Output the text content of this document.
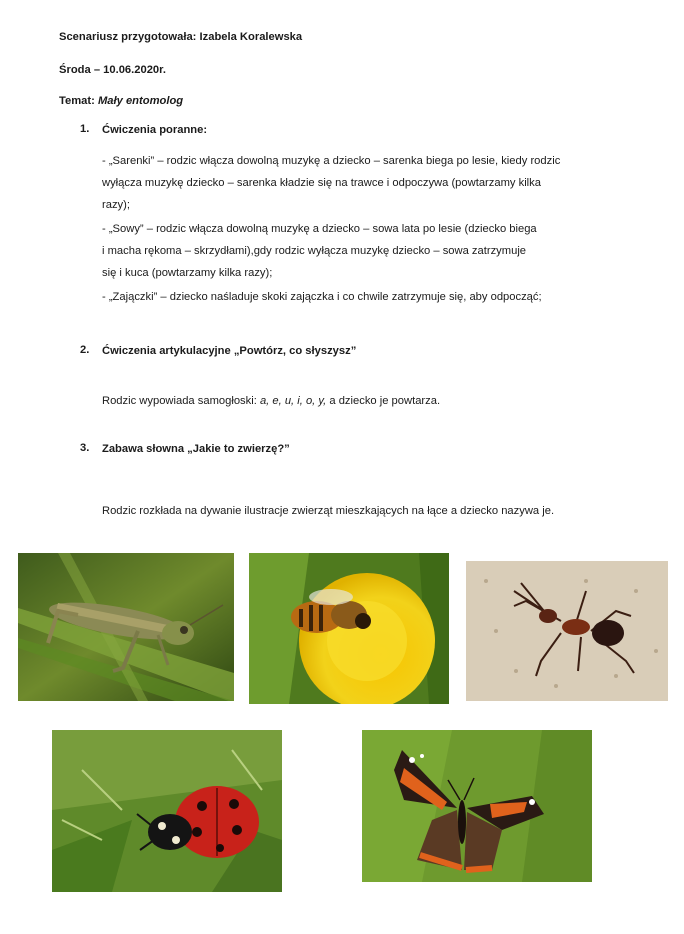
Scenariusz przygotowała: Izabela Koralewska
Środa – 10.06.2020r.
Temat: Mały entomolog
1. Ćwiczenia poranne:
- „Sarenki” – rodzic włącza dowolną muzykę a dziecko – sarenka biega po lesie, kiedy rodzic
wyłącza muzykę dziecko – sarenka kładzie się na trawce i odpoczywa (powtarzamy kilka
razy);
- „Sowy” – rodzic włącza dowolną muzykę a dziecko – sowa lata po lesie (dziecko biega
i macha rękoma – skrzydłami),gdy rodzic wyłącza muzykę dziecko – sowa zatrzymuje
się i kuca (powtarzamy kilka razy);
- „Zajączki” – dziecko naśladuje skoki zajączka i co chwile zatrzymuje się, aby odpocząć;
2. Ćwiczenia artykulacyjne „Powtórz, co słyszysz”
Rodzic wypowiada samogłoski: a, e, u, i, o, y, a dziecko je powtarza.
3. Zabawa słowna „Jakie to zwierzę?”
Rodzic rozkłada na dywanie ilustracje zwierząt mieszkających na łące a dziecko nazywa je.
